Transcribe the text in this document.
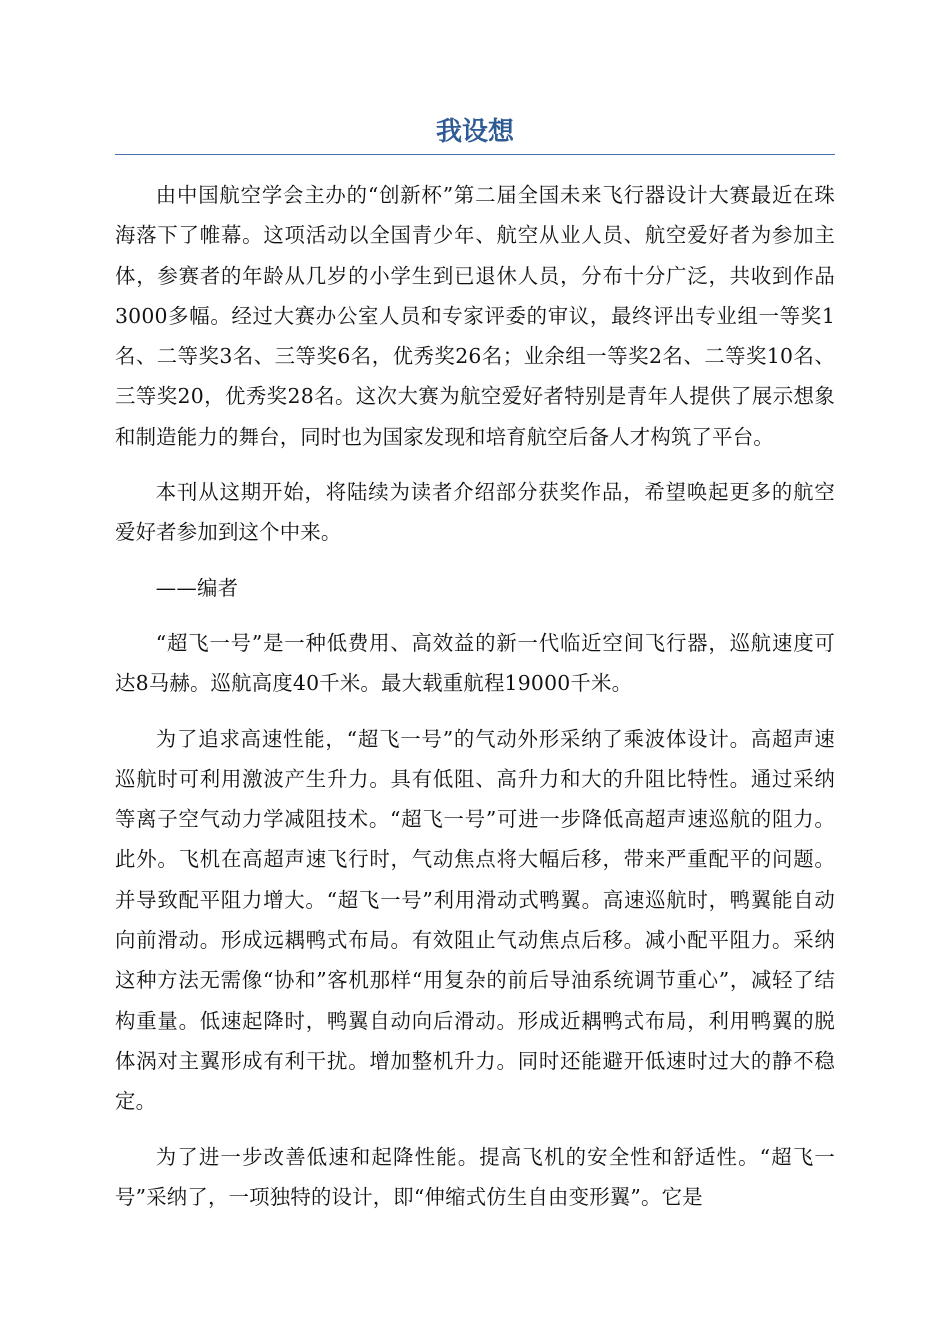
我设想

由中国航空学会主办的“创新杯”第二届全国未来飞行器设计大赛最近在珠海落下了帷幕。这项活动以全国青少年、航空从业人员、航空爱好者为参加主体，参赛者的年龄从几岁的小学生到已退休人员，分布十分广泛，共收到作品3000多幅。经过大赛办公室人员和专家评委的审议，最终评出专业组一等奖1名、二等奖3名、三等奖6名，优秀奖26名；业余组一等奖2名、二等奖10名、三等奖20，优秀奖28名。这次大赛为航空爱好者特别是青年人提供了展示想象和制造能力的舞台，同时也为国家发现和培育航空后备人才构筑了平台。

本刊从这期开始，将陆续为读者介绍部分获奖作品，希望唤起更多的航空爱好者参加到这个中来。

——编者

“超飞一号”是一种低费用、高效益的新一代临近空间飞行器，巡航速度可达8马赫。巡航高度40千米。最大载重航程19000千米。

为了追求高速性能，“超飞一号”的气动外形采纳了乘波体设计。高超声速巡航时可利用激波产生升力。具有低阻、高升力和大的升阻比特性。通过采纳等离子空气动力学减阻技术。“超飞一号”可进一步降低高超声速巡航的阻力。此外。飞机在高超声速飞行时，气动焦点将大幅后移，带来严重配平的问题。并导致配平阻力增大。“超飞一号”利用滑动式鸭翼。高速巡航时，鸭翼能自动向前滑动。形成远耦鸭式布局。有效阻止气动焦点后移。减小配平阻力。采纳这种方法无需像“协和”客机那样“用复杂的前后导油系统调节重心”，减轻了结构重量。低速起降时，鸭翼自动向后滑动。形成近耦鸭式布局，利用鸭翼的脱体涡对主翼形成有利干扰。增加整机升力。同时还能避开低速时过大的静不稳定。

为了进一步改善低速和起降性能。提高飞机的安全性和舒适性。“超飞一号”采纳了，一项独特的设计，即“伸缩式仿生自由变形翼”。它是
